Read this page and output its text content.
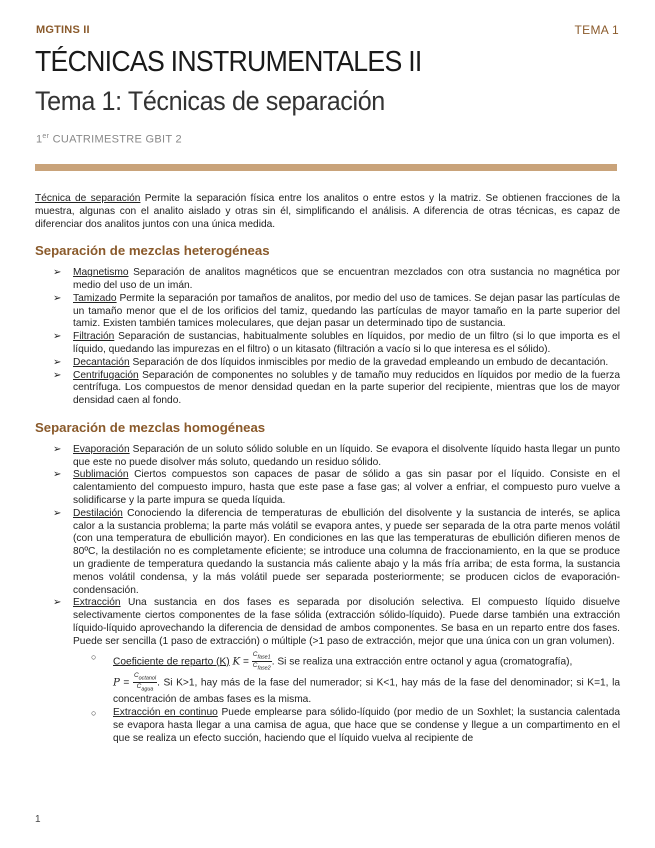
MGTINS II	TEMA 1
TÉCNICAS INSTRUMENTALES II
Tema 1: Técnicas de separación
1er CUATRIMESTRE GBIT 2

Técnica de separación Permite la separación física entre los analitos o entre estos y la matriz. Se obtienen fracciones de la muestra, algunas con el analito aislado y otras sin él, simplificando el análisis. A diferencia de otras técnicas, es capaz de diferenciar dos analitos juntos con una única medida.

Separación de mezclas heterogéneas
➢ Magnetismo Separación de analitos magnéticos que se encuentran mezclados con otra sustancia no magnética por medio del uso de un imán.
➢ Tamizado Permite la separación por tamaños de analitos, por medio del uso de tamices. Se dejan pasar las partículas de un tamaño menor que el de los orificios del tamiz, quedando las partículas de mayor tamaño en la parte superior del tamiz. Existen también tamices moleculares, que dejan pasar un determinado tipo de sustancia.
➢ Filtración Separación de sustancias, habitualmente solubles en líquidos, por medio de un filtro (si lo que importa es el líquido, quedando las impurezas en el filtro) o un kitasato (filtración a vacío si lo que interesa es el sólido).
➢ Decantación Separación de dos líquidos inmiscibles por medio de la gravedad empleando un embudo de decantación.
➢ Centrifugación Separación de componentes no solubles y de tamaño muy reducidos en líquidos por medio de la fuerza centrífuga. Los compuestos de menor densidad quedan en la parte superior del recipiente, mientras que los de mayor densidad caen al fondo.
Separación de mezclas homogéneas
➢ Evaporación Separación de un soluto sólido soluble en un líquido. Se evapora el disolvente líquido hasta llegar un punto que este no puede disolver más soluto, quedando un residuo sólido.
➢ Sublimación Ciertos compuestos son capaces de pasar de sólido a gas sin pasar por el líquido. Consiste en el calentamiento del compuesto impuro, hasta que este pase a fase gas; al volver a enfriar, el compuesto puro vuelve a solidificarse y la parte impura se queda líquida.
➢ Destilación Conociendo la diferencia de temperaturas de ebullición del disolvente y la sustancia de interés, se aplica calor a la sustancia problema; la parte más volátil se evapora antes, y puede ser separada de la otra parte menos volátil (con una temperatura de ebullición mayor). En condiciones en las que las temperaturas de ebullición difieren menos de 80ºC, la destilación no es completamente eficiente; se introduce una columna de fraccionamiento, en la que se produce un gradiente de temperatura quedando la sustancia más caliente abajo y la más fría arriba; de esta forma, la sustancia menos volátil condensa, y la más volátil puede ser separada posteriormente; se producen ciclos de evaporación-condensación.
➢ Extracción Una sustancia en dos fases es separada por disolución selectiva. El compuesto líquido disuelve selectivamente ciertos componentes de la fase sólida (extracción sólido-líquido). Puede darse también una extracción líquido-líquido aprovechando la diferencia de densidad de ambos componentes. Se basa en un reparto entre dos fases. Puede ser sencilla (1 paso de extracción) o múltiple (>1 paso de extracción, mejor que una única con un gran volumen).
○ Coeficiente de reparto (K) $K = \frac{C_{fase1}}{C_{fase2}}$ . Si se realiza una extracción entre octanol y agua (cromatografía),
$P = \frac{C_{octanol}}{C_{agua}}$ . Si K>1, hay más de la fase del numerador; si K<1, hay más de la fase del denominador; si K=1, la concentración de ambas fases es la misma.
○ Extracción en continuo Puede emplearse para sólido-líquido (por medio de un Soxhlet; la sustancia calentada se evapora hasta llegar a una camisa de agua, que hace que se condense y llegue a un compartimento en el que se realiza un efecto succión, haciendo que el líquido vuelva al recipiente de
1
